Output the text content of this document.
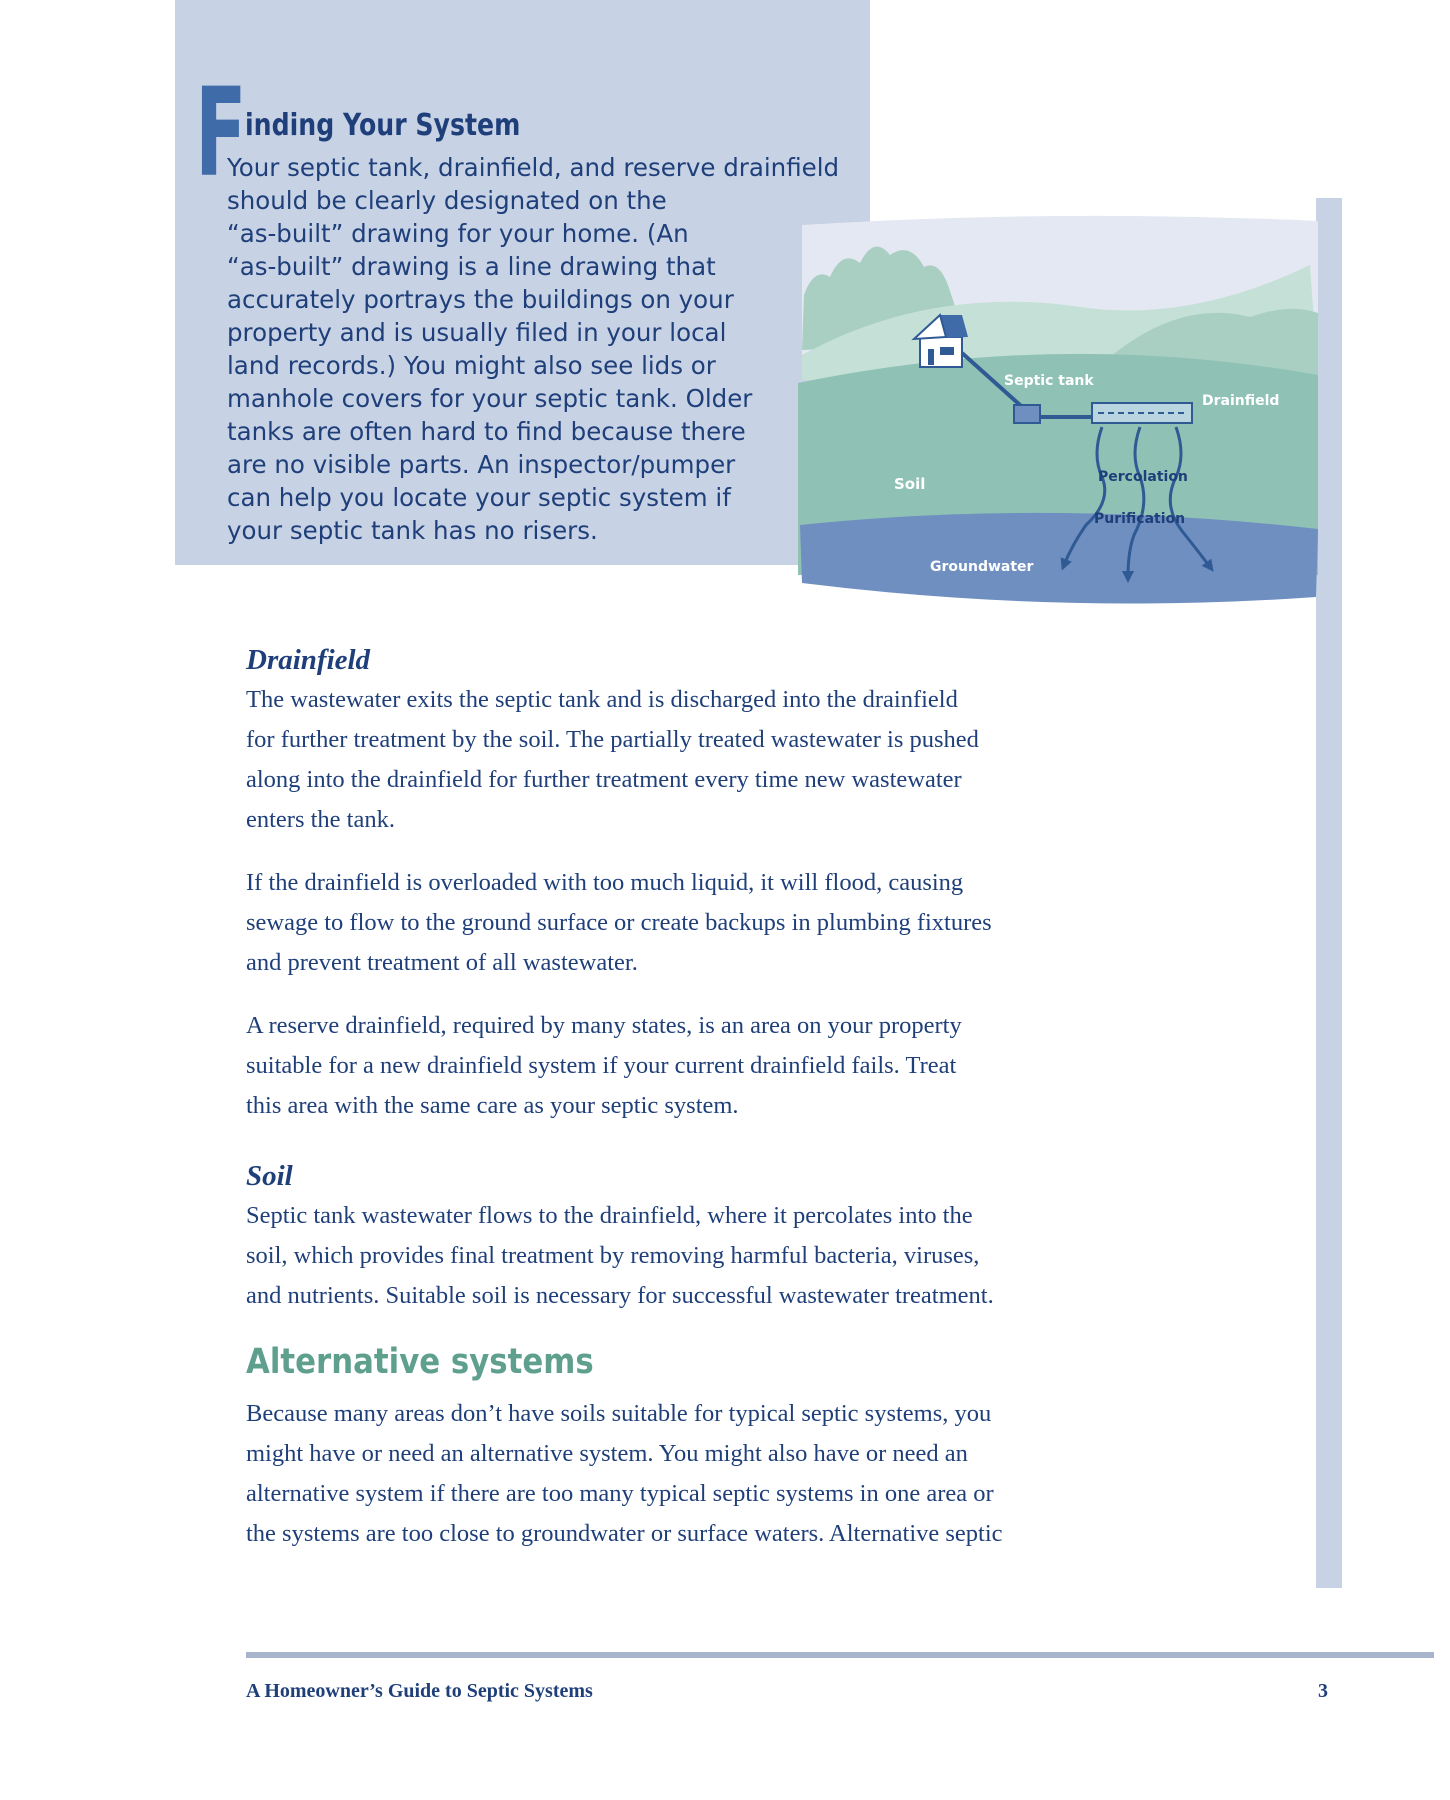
F
inding Your System

Your septic tank, drainfield, and reserve drainfield
should be clearly designated on the
“as-built” drawing for your home. (An
“as-built” drawing is a line drawing that
accurately portrays the buildings on your
property and is usually filed in your local
land records.) You might also see lids or
manhole covers for your septic tank. Older
tanks are often hard to find because there
are no visible parts. An inspector/pumper
can help you locate your septic system if
your septic tank has no risers.

Septic tank
Drainfield
Soil	Percolation
Purification
Groundwater
Drainfield

The wastewater exits the septic tank and is discharged into the drainfield
for further treatment by the soil. The partially treated wastewater is pushed
along into the drainfield for further treatment every time new wastewater
enters the tank.

If the drainfield is overloaded with too much liquid, it will flood, causing
sewage to flow to the ground surface or create backups in plumbing fixtures
and prevent treatment of all wastewater.

A reserve drainfield, required by many states, is an area on your property
suitable for a new drainfield system if your current drainfield fails. Treat
this area with the same care as your septic system.

Soil

Septic tank wastewater flows to the drainfield, where it percolates into the
soil, which provides final treatment by removing harmful bacteria, viruses,
and nutrients. Suitable soil is necessary for successful wastewater treatment.

Alternative systems

Because many areas don’t have soils suitable for typical septic systems, you
might have or need an alternative system. You might also have or need an
alternative system if there are too many typical septic systems in one area or
the systems are too close to groundwater or surface waters. Alternative septic

A Homeowner’s Guide to Septic Systems	3
